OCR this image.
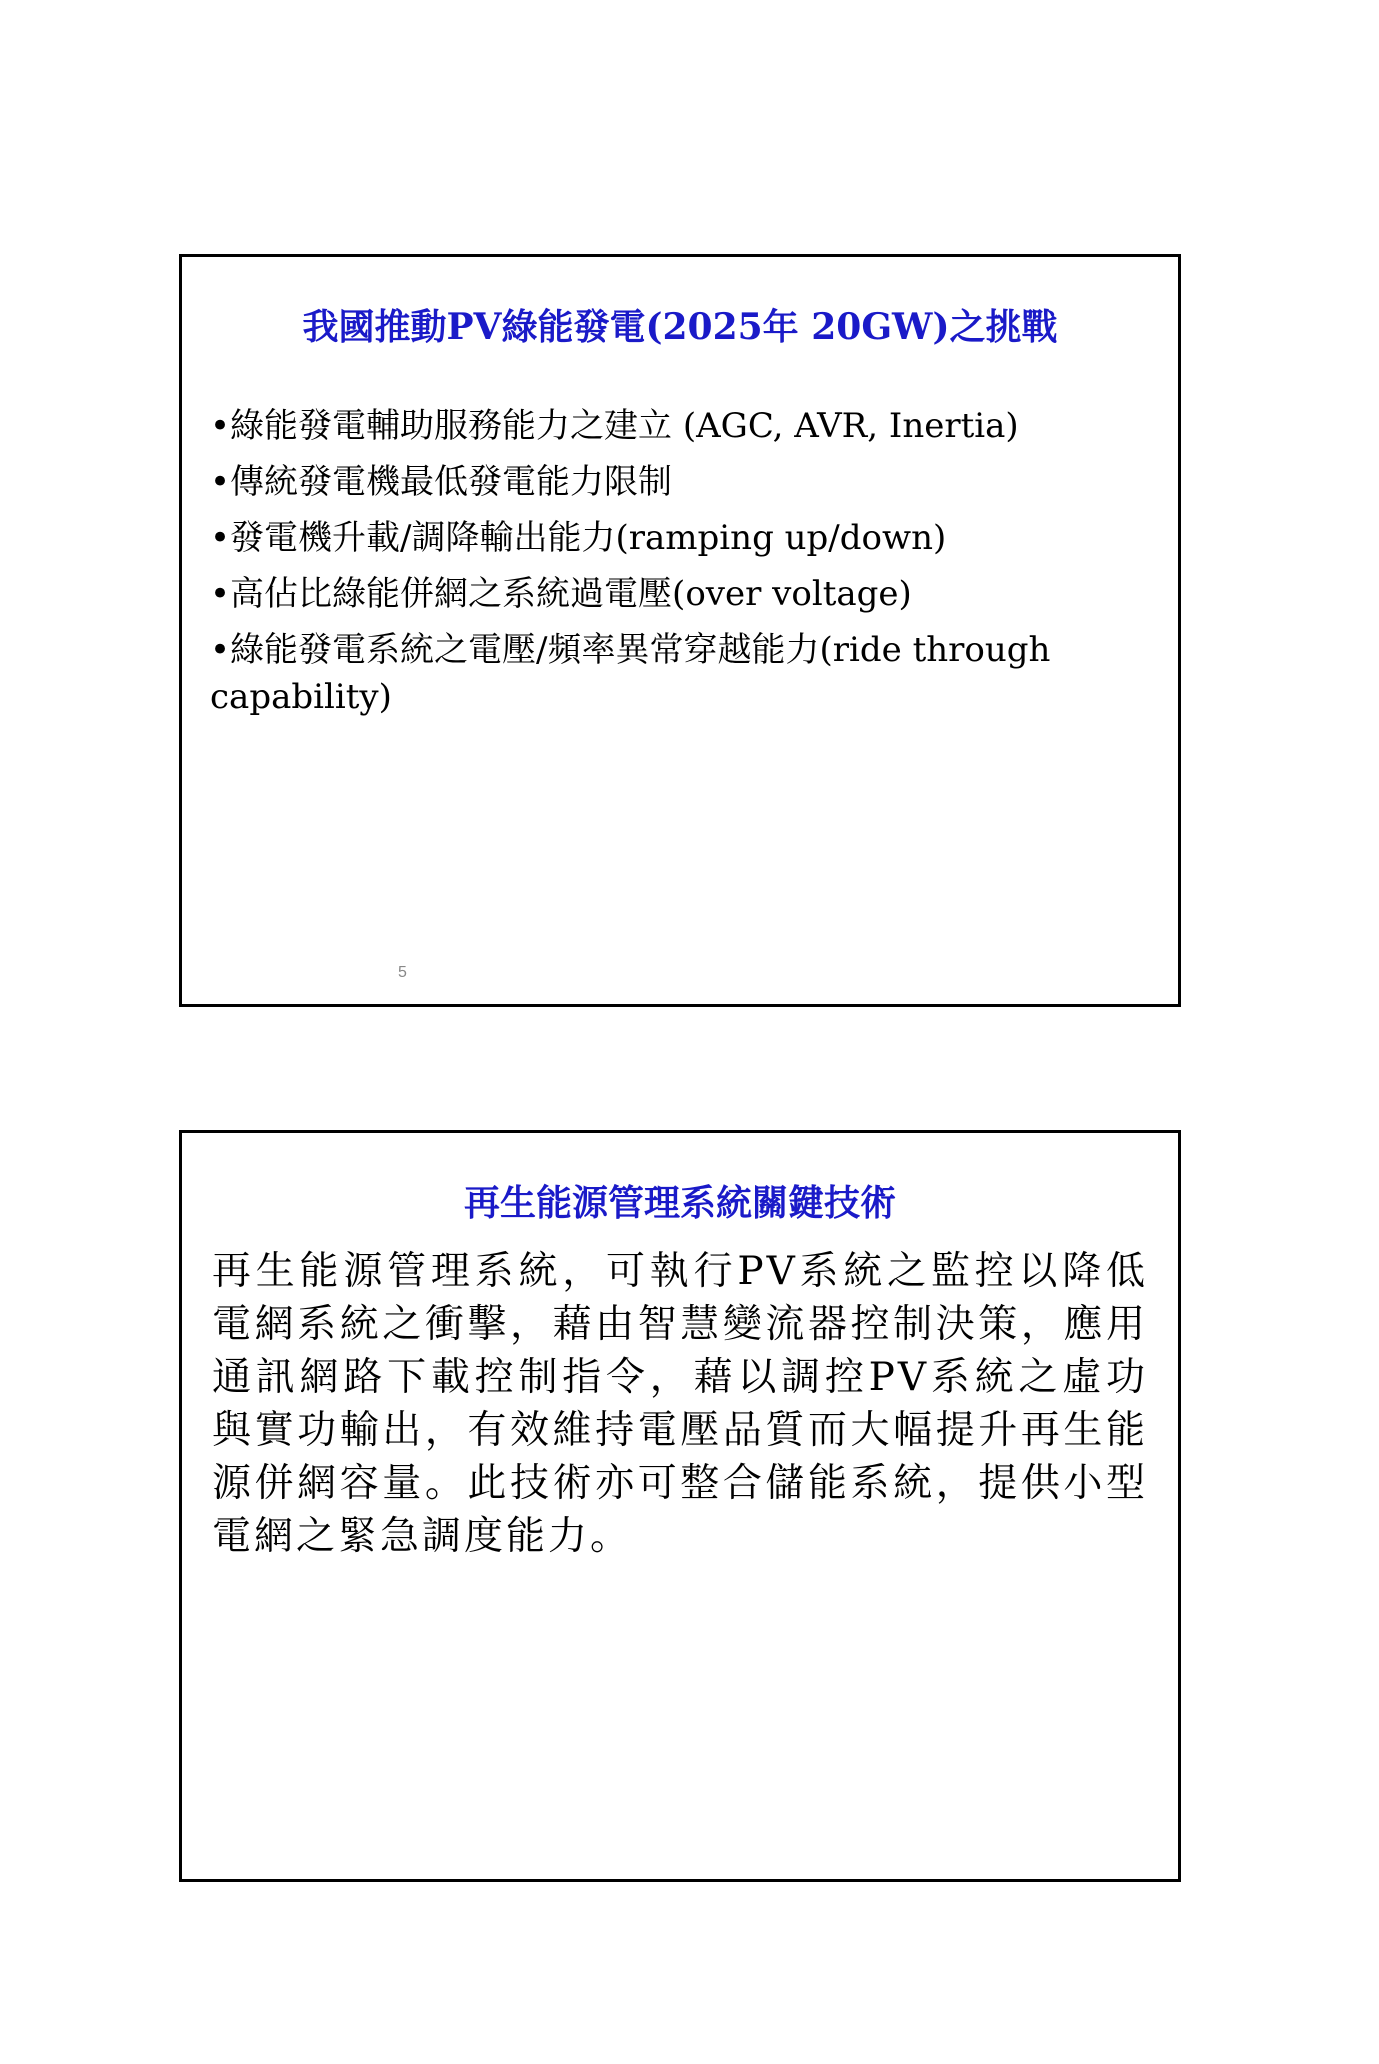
我國推動PV綠能發電(2025年 20GW)之挑戰
•綠能發電輔助服務能力之建立 (AGC, AVR, Inertia)
•傳統發電機最低發電能力限制
•發電機升載/調降輸出能力(ramping up/down)
•高佔比綠能併網之系統過電壓(over voltage)
•綠能發電系統之電壓/頻率異常穿越能力(ride through capability)
5
再生能源管理系統關鍵技術

再生能源管理系統，可執行PV系統之監控以降低電網系統之衝擊，藉由智慧變流器控制決策，應用通訊網路下載控制指令，藉以調控PV系統之虛功與實功輸出，有效維持電壓品質而大幅提升再生能源併網容量。此技術亦可整合儲能系統，提供小型電網之緊急調度能力。
